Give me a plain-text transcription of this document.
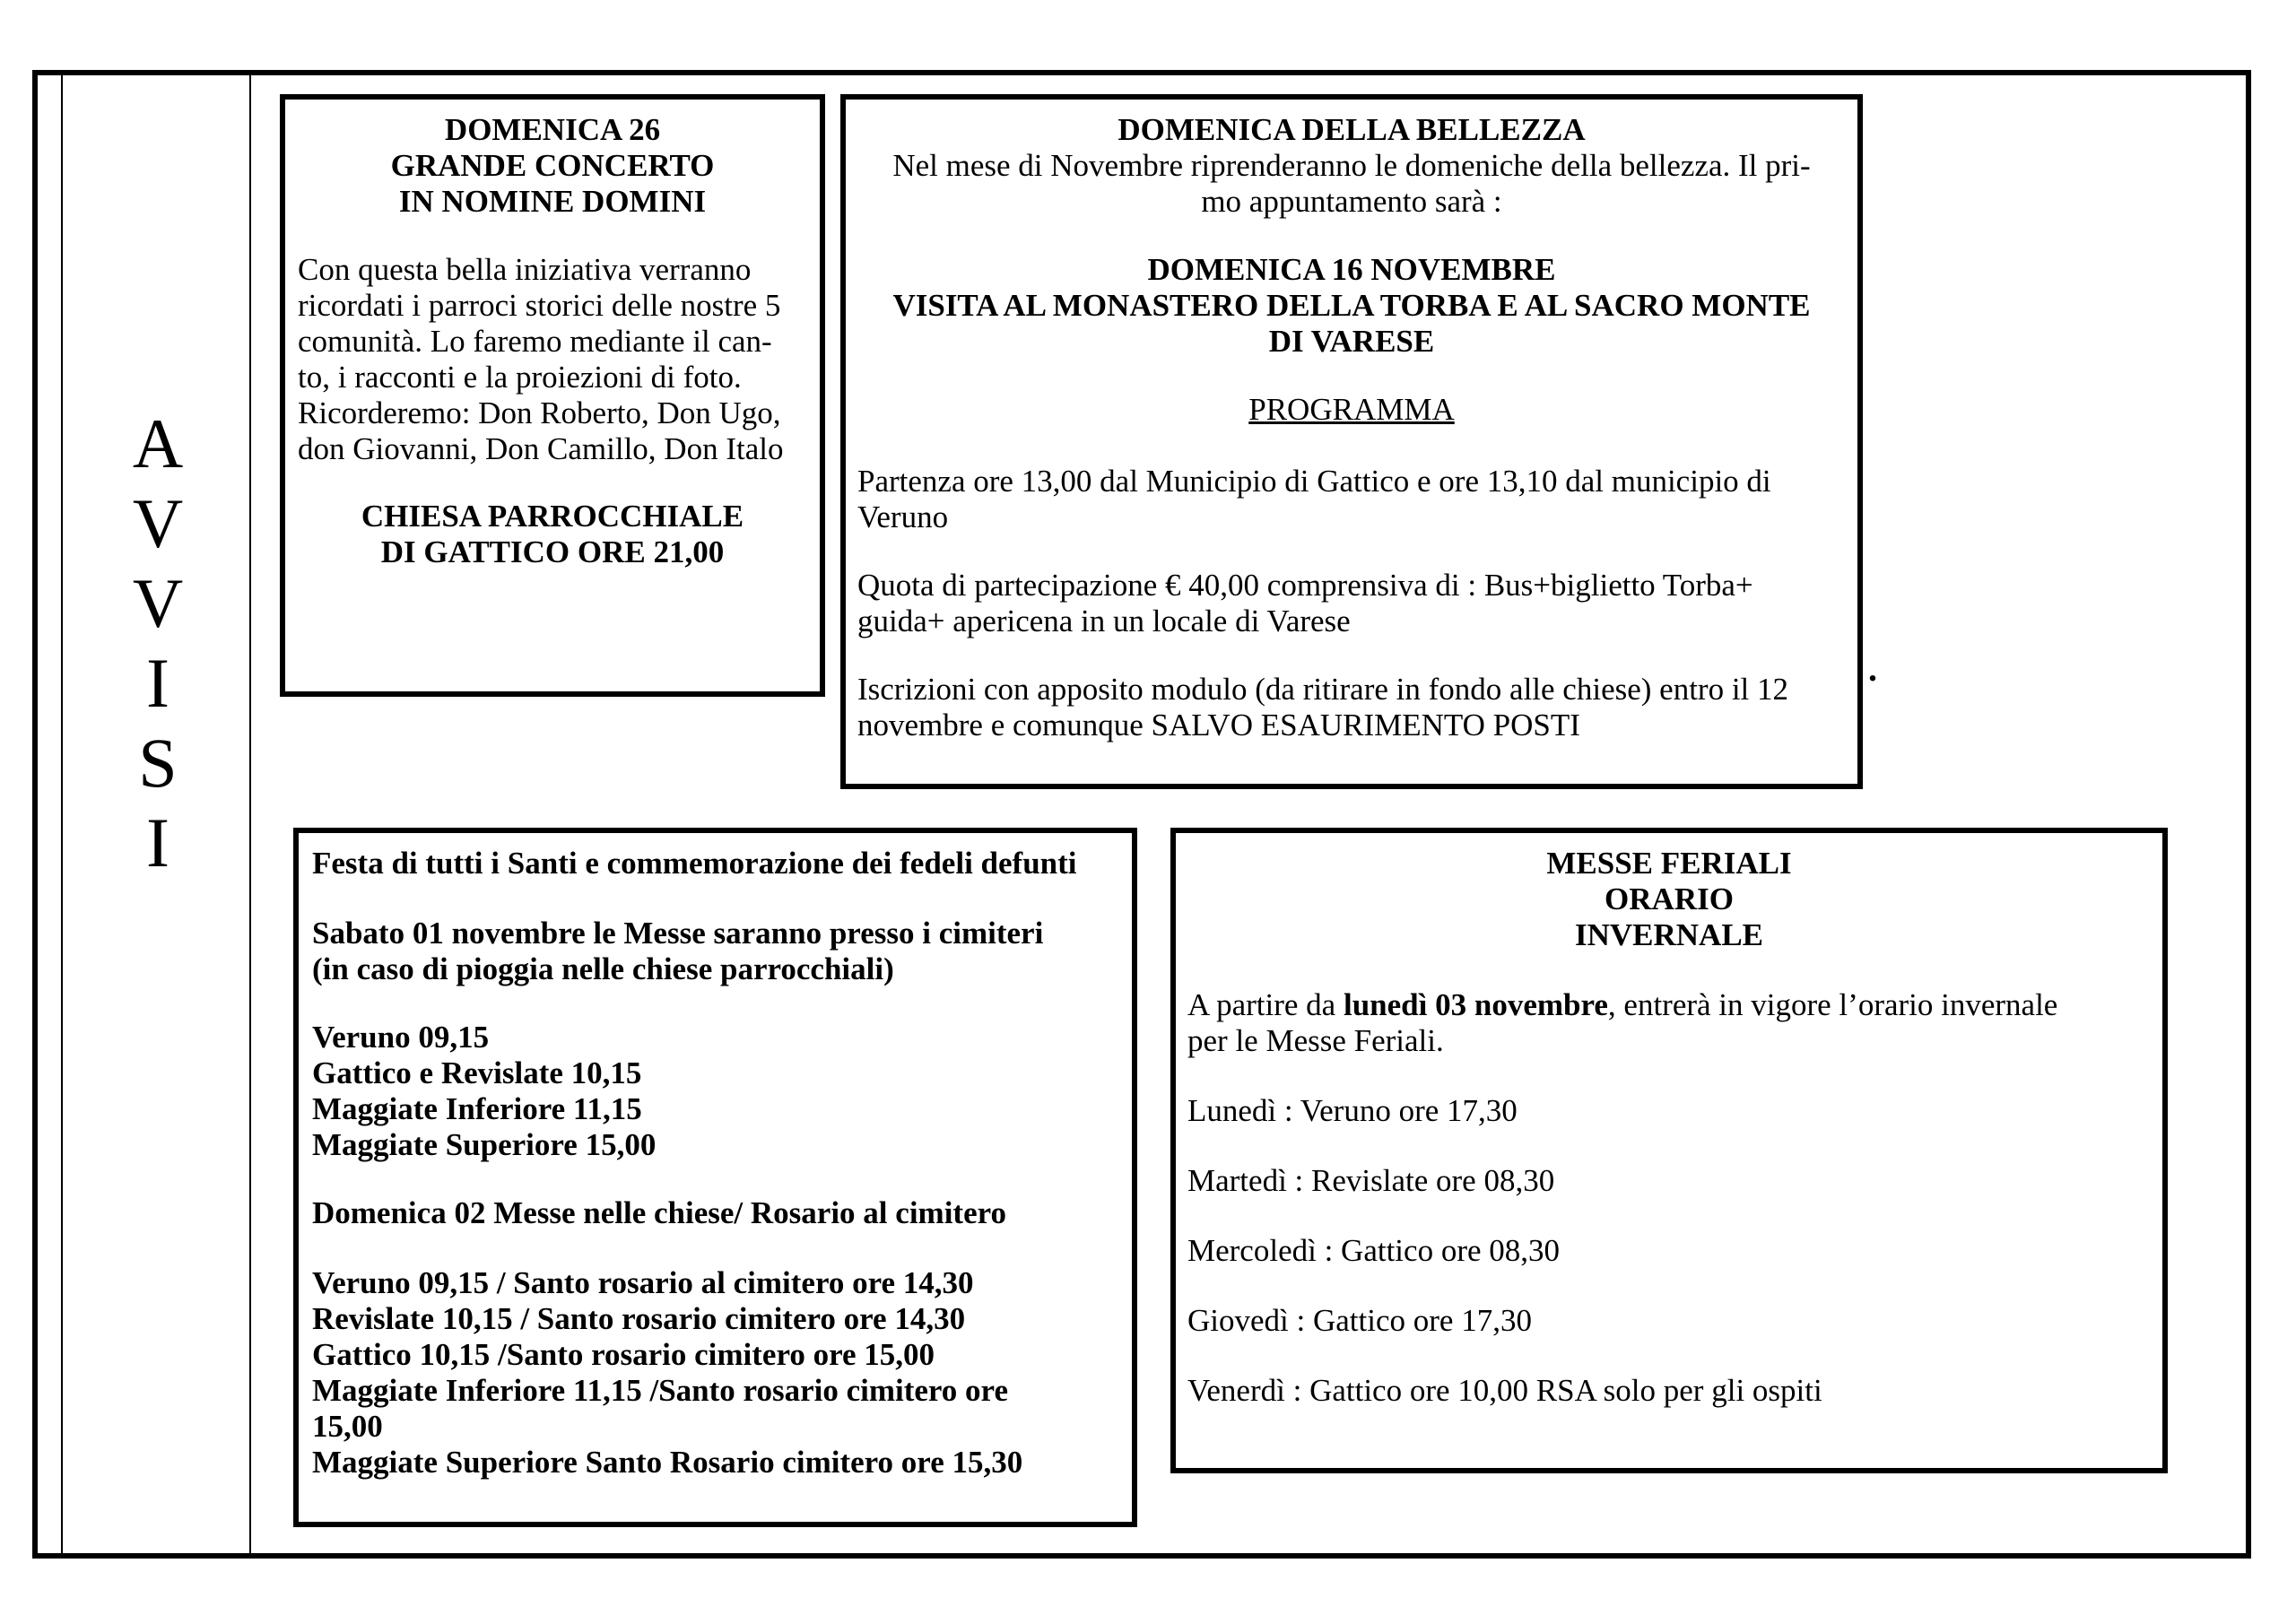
A
V
V
I
S
I
DOMENICA 26
GRANDE CONCERTO
IN NOMINE DOMINI
Con questa bella iniziativa verranno
ricordati i parroci storici delle nostre 5
comunità. Lo faremo mediante il can-
to, i racconti e la proiezioni di foto.
Ricorderemo: Don Roberto, Don Ugo,
don Giovanni, Don Camillo, Don Italo
CHIESA PARROCCHIALE
DI GATTICO ORE 21,00
DOMENICA DELLA BELLEZZA
Nel mese di Novembre riprenderanno le domeniche della bellezza. Il pri-
mo appuntamento sarà :
DOMENICA 16 NOVEMBRE
VISITA AL MONASTERO DELLA TORBA E AL SACRO MONTE
DI VARESE
PROGRAMMA
Partenza ore 13,00 dal Municipio di Gattico e ore 13,10 dal municipio di
Veruno
Quota di partecipazione € 40,00 comprensiva di : Bus+biglietto Torba+
guida+ apericena in un locale di Varese
Iscrizioni con apposito modulo (da ritirare in fondo alle chiese) entro il 12
novembre e comunque SALVO ESAURIMENTO POSTI
.
Festa di tutti i Santi e commemorazione dei fedeli defunti
Sabato 01 novembre le Messe saranno presso i cimiteri
(in caso di pioggia nelle chiese parrocchiali)
Veruno 09,15
Gattico e Revislate 10,15
Maggiate Inferiore 11,15
Maggiate Superiore 15,00
Domenica 02 Messe nelle chiese/ Rosario al cimitero
Veruno 09,15 / Santo rosario al cimitero ore 14,30
Revislate 10,15 / Santo rosario cimitero ore 14,30
Gattico 10,15 /Santo rosario cimitero ore 15,00
Maggiate Inferiore 11,15 /Santo rosario cimitero ore
15,00
Maggiate Superiore Santo Rosario cimitero ore 15,30
MESSE FERIALI
ORARIO
INVERNALE
A partire da lunedì 03 novembre, entrerà in vigore l’orario invernale
per le Messe Feriali.
Lunedì : Veruno ore 17,30
Martedì : Revislate ore 08,30
Mercoledì : Gattico ore 08,30
Giovedì : Gattico ore 17,30
Venerdì : Gattico ore 10,00 RSA solo per gli ospiti
